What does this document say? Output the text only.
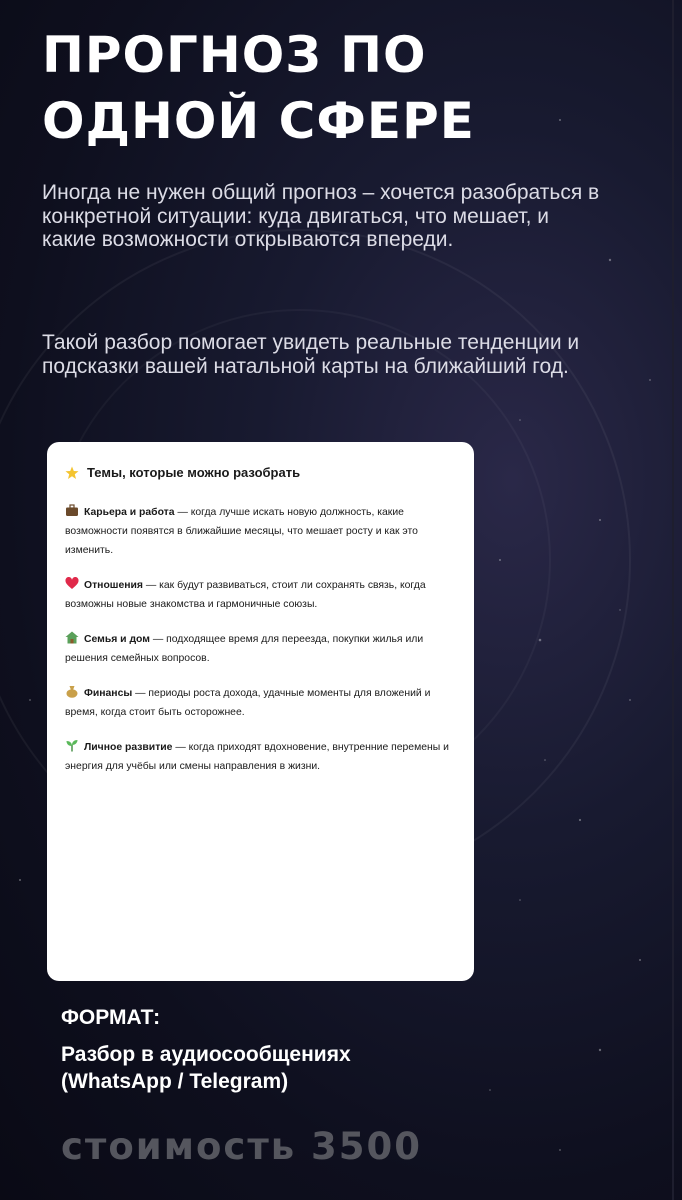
ПРОГНОЗ ПО ОДНОЙ СФЕРЕ

Иногда не нужен общий прогноз – хочется разобраться в конкретной ситуации: куда двигаться, что мешает, и какие возможности открываются впереди.

Такой разбор помогает увидеть реальные тенденции и подсказки вашей натальной карты на ближайший год.

Темы, которые можно разобрать

Карьера и работа — когда лучше искать новую должность, какие возможности появятся в ближайшие месяцы, что мешает росту и как это изменить.

Отношения — как будут развиваться, стоит ли сохранять связь, когда возможны новые знакомства и гармоничные союзы.

Семья и дом — подходящее время для переезда, покупки жилья или решения семейных вопросов.

Финансы — периоды роста дохода, удачные моменты для вложений и время, когда стоит быть осторожнее.

Личное развитие — когда приходят вдохновение, внутренние перемены и энергия для учёбы или смены направления в жизни.

ФОРМАТ:

Разбор в аудиосообщениях
(WhatsApp / Telegram)

стоимость 3500
